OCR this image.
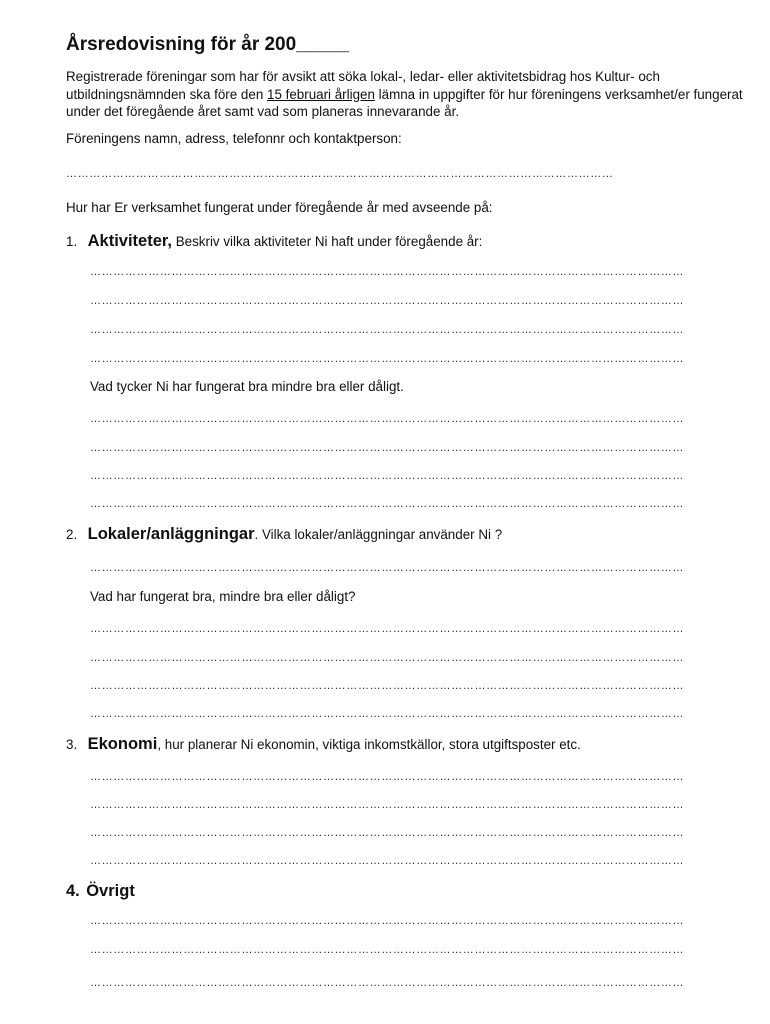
Årsredovisning för år 200_____
Registrerade föreningar som har för avsikt att söka lokal-, ledar- eller aktivitetsbidrag hos Kultur- och utbildningsnämnden ska före den 15 februari årligen lämna in uppgifter för hur föreningens verksamhet/er fungerat under det föregående året samt vad som planeras innevarande år.
Föreningens namn, adress, telefonnr och kontaktperson:
……………………………………………………………………………………………………………………………
Hur har Er verksamhet fungerat under föregående år med avseende på:
1. Aktiviteter, Beskriv vilka aktiviteter Ni haft under föregående år:
………………………………………………………………………………………………………………………………………
………………………………………………………………………………………………………………………………………
………………………………………………………………………………………………………………………………………
………………………………………………………………………………………………………………………………………
Vad tycker Ni har fungerat bra mindre bra eller dåligt.
………………………………………………………………………………………………………………………………………
………………………………………………………………………………………………………………………………………
………………………………………………………………………………………………………………………………………
………………………………………………………………………………………………………………………………………
2. Lokaler/anläggningar. Vilka lokaler/anläggningar använder Ni ?
………………………………………………………………………………………………………………………………………
Vad har fungerat bra, mindre bra eller dåligt?
………………………………………………………………………………………………………………………………………
………………………………………………………………………………………………………………………………………
………………………………………………………………………………………………………………………………………
………………………………………………………………………………………………………………………………………
3. Ekonomi, hur planerar Ni ekonomin, viktiga inkomstkällor, stora utgiftsposter etc.
………………………………………………………………………………………………………………………………………
………………………………………………………………………………………………………………………………………
………………………………………………………………………………………………………………………………………
………………………………………………………………………………………………………………………………………
4. Övrigt
………………………………………………………………………………………………………………………………………
………………………………………………………………………………………………………………………………………
………………………………………………………………………………………………………………………………………
